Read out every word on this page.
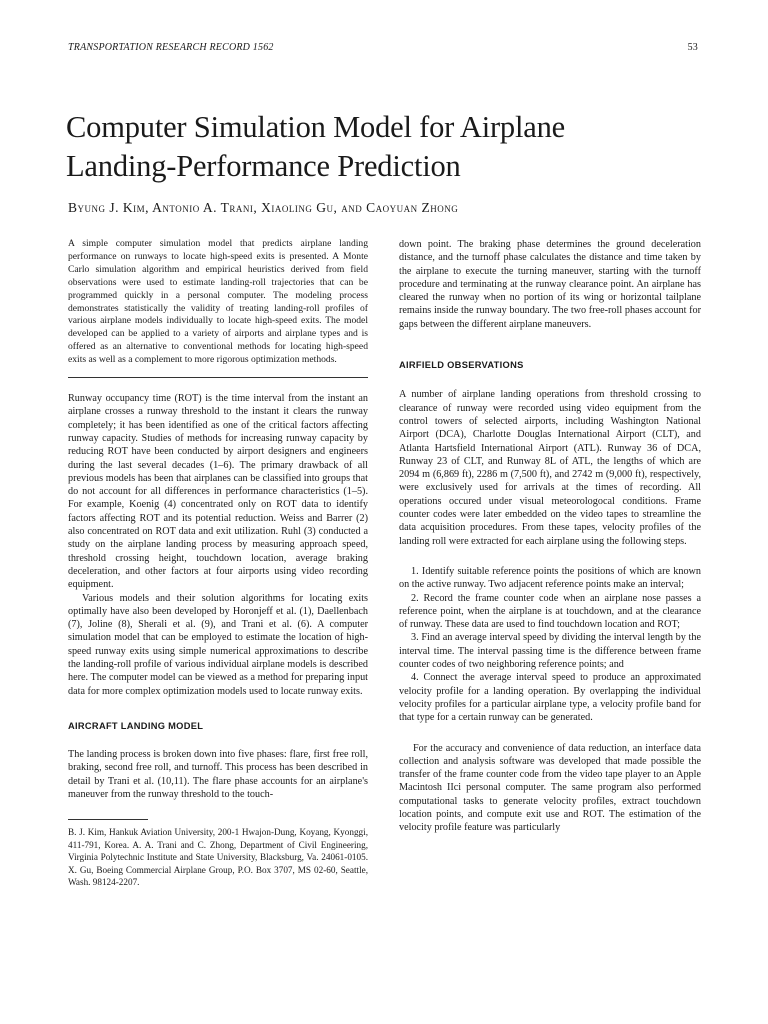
TRANSPORTATION RESEARCH RECORD 1562	53
Computer Simulation Model for Airplane
Landing-Performance Prediction

Byung J. Kim, Antonio A. Trani, Xiaoling Gu, and Caoyuan Zhong

A simple computer simulation model that predicts airplane landing performance on runways to locate high-speed exits is presented. A Monte Carlo simulation algorithm and empirical heuristics derived from field observations were used to estimate landing-roll trajectories that can be programmed quickly in a personal computer. The modeling process demonstrates statistically the validity of treating landing-roll profiles of various airplane models individually to locate high-speed exits. The model developed can be applied to a variety of airports and airplane types and is offered as an alternative to conventional methods for locating high-speed exits as well as a complement to more rigorous optimization methods.

Runway occupancy time (ROT) is the time interval from the instant an airplane crosses a runway threshold to the instant it clears the runway completely; it has been identified as one of the critical factors affecting runway capacity. Studies of methods for increasing runway capacity by reducing ROT have been conducted by airport designers and engineers during the last several decades (1–6). The primary drawback of all previous models has been that airplanes can be classified into groups that do not account for all differences in performance characteristics (1–5). For example, Koenig (4) concentrated only on ROT data to identify factors affecting ROT and its potential reduction. Weiss and Barrer (2) also concentrated on ROT data and exit utilization. Ruhl (3) conducted a study on the airplane landing process by measuring approach speed, threshold crossing height, touchdown location, average braking deceleration, and other factors at four airports using video recording equipment.

Various models and their solution algorithms for locating exits optimally have also been developed by Horonjeff et al. (1), Daellenbach (7), Joline (8), Sherali et al. (9), and Trani et al. (6). A computer simulation model that can be employed to estimate the location of high-speed runway exits using simple numerical approximations to describe the landing-roll profile of various individual airplane models is described here. The computer model can be viewed as a method for preparing input data for more complex optimization models used to locate runway exits.

AIRCRAFT LANDING MODEL

The landing process is broken down into five phases: flare, first free roll, braking, second free roll, and turnoff. This process has been described in detail by Trani et al. (10,11). The flare phase accounts for an airplane's maneuver from the runway threshold to the touch-

B. J. Kim, Hankuk Aviation University, 200-1 Hwajon-Dung, Koyang, Kyonggi, 411-791, Korea. A. A. Trani and C. Zhong, Department of Civil Engineering, Virginia Polytechnic Institute and State University, Blacksburg, Va. 24061-0105. X. Gu, Boeing Commercial Airplane Group, P.O. Box 3707, MS 02-60, Seattle, Wash. 98124-2207.

down point. The braking phase determines the ground deceleration distance, and the turnoff phase calculates the distance and time taken by the airplane to execute the turning maneuver, starting with the turnoff procedure and terminating at the runway clearance point. An airplane has cleared the runway when no portion of its wing or horizontal tailplane remains inside the runway boundary. The two free-roll phases account for gaps between the different airplane maneuvers.

AIRFIELD OBSERVATIONS

A number of airplane landing operations from threshold crossing to clearance of runway were recorded using video equipment from the control towers of selected airports, including Washington National Airport (DCA), Charlotte Douglas International Airport (CLT), and Atlanta Hartsfield International Airport (ATL). Runway 36 of DCA, Runway 23 of CLT, and Runway 8L of ATL, the lengths of which are 2094 m (6,869 ft), 2286 m (7,500 ft), and 2742 m (9,000 ft), respectively, were exclusively used for arrivals at the times of recording. All operations occured under visual meteorologocal conditions. Frame counter codes were later embedded on the video tapes to streamline the data acquisition procedures. From these tapes, velocity profiles of the landing roll were extracted for each airplane using the following steps.

1. Identify suitable reference points the positions of which are known on the active runway. Two adjacent reference points make an interval;

2. Record the frame counter code when an airplane nose passes a reference point, when the airplane is at touchdown, and at the clearance of runway. These data are used to find touchdown location and ROT;

3. Find an average interval speed by dividing the interval length by the interval time. The interval passing time is the difference between frame counter codes of two neighboring reference points; and

4. Connect the average interval speed to produce an approximated velocity profile for a landing operation. By overlapping the individual velocity profiles for a particular airplane type, a velocity profile band for that type for a certain runway can be generated.

For the accuracy and convenience of data reduction, an interface data collection and analysis software was developed that made possible the transfer of the frame counter code from the video tape player to an Apple Macintosh IIci personal computer. The same program also performed computational tasks to generate velocity profiles, extract touchdown location points, and compute exit use and ROT. The estimation of the velocity profile feature was particularly
